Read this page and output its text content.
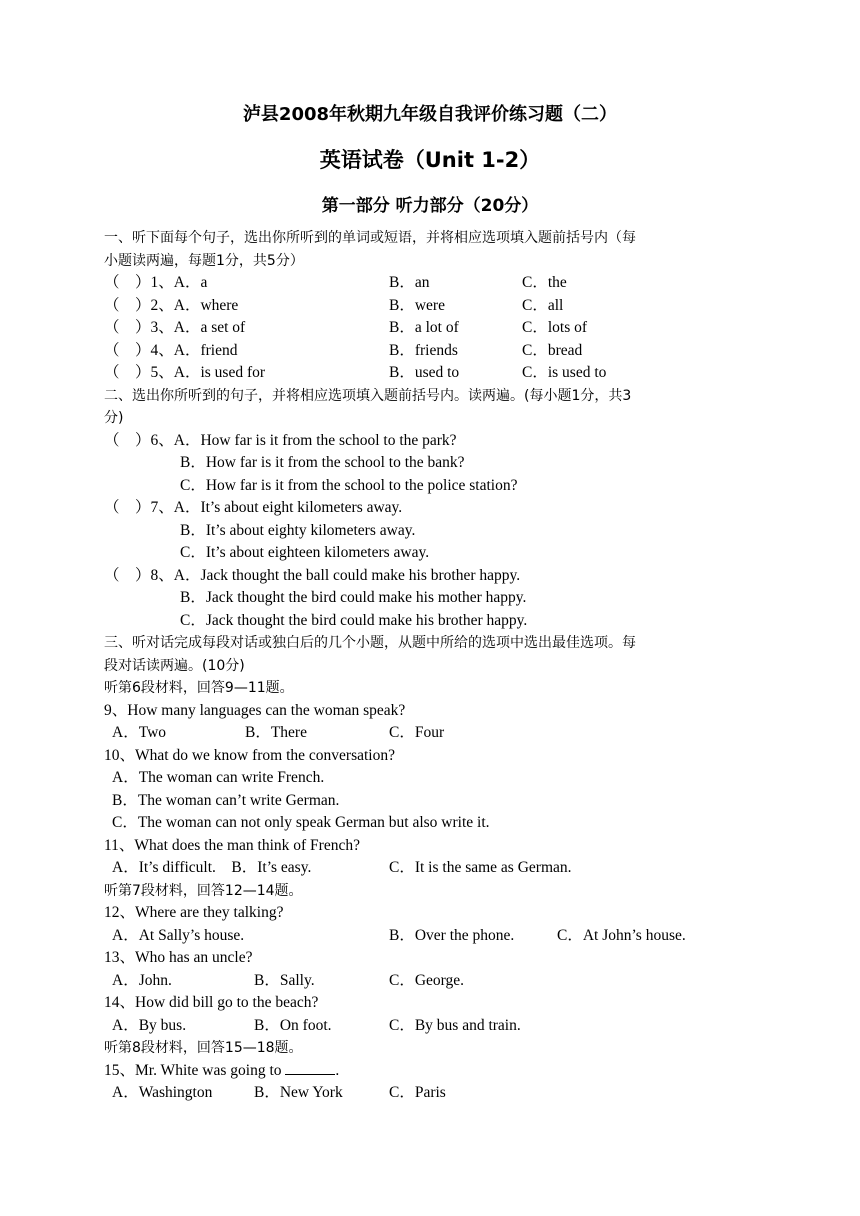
泸县2008年秋期九年级自我评价练习题（二）
英语试卷（Unit 1-2）
第一部分 听力部分（20分）
一、听下面每个句子，选出你所听到的单词或短语，并将相应选项填入题前括号内（每
小题读两遍，每题1分，共5分）
（　）1、A．a	B．an	C．the
（　）2、A．where	B．were	C．all
（　）3、A．a set of	B．a lot of	C．lots of
（　）4、A．friend	B．friends	C．bread
（　）5、A．is used for	B．used to	C．is used to
二、选出你所听到的句子，并将相应选项填入题前括号内。读两遍。(每小题1分，共3
分)
（　）6、A．How far is it from the school to the park?
B．How far is it from the school to the bank?
C．How far is it from the school to the police station?
（　）7、A．It’s about eight kilometers away.
B．It’s about eighty kilometers away.
C．It’s about eighteen kilometers away.
（　）8、A．Jack thought the ball could make his brother happy.
B．Jack thought the bird could make his mother happy.
C．Jack thought the bird could make his brother happy.
三、听对话完成每段对话或独白后的几个小题，从题中所给的选项中选出最佳选项。每
段对话读两遍。(10分)
听第6段材料，回答9—11题。
9、How many languages can the woman speak?
A．Two	B．There	C．Four
10、What do we know from the conversation?
A．The woman can write French.
B．The woman can’t write German.
C．The woman can not only speak German but also write it.
11、What does the man think of French?
A．It’s difficult.　B．It’s easy.	C．It is the same as German.
听第7段材料，回答12—14题。
12、Where are they talking?
A．At Sally’s house.	B．Over the phone.	C．At John’s house.
13、Who has an uncle?
A．John.	B．Sally.	C．George.
14、How did bill go to the beach?
A．By bus.	B．On foot.	C．By bus and train.
听第8段材料，回答15—18题。
15、Mr. White was going to	.
A．Washington	B．New York	C．Paris
